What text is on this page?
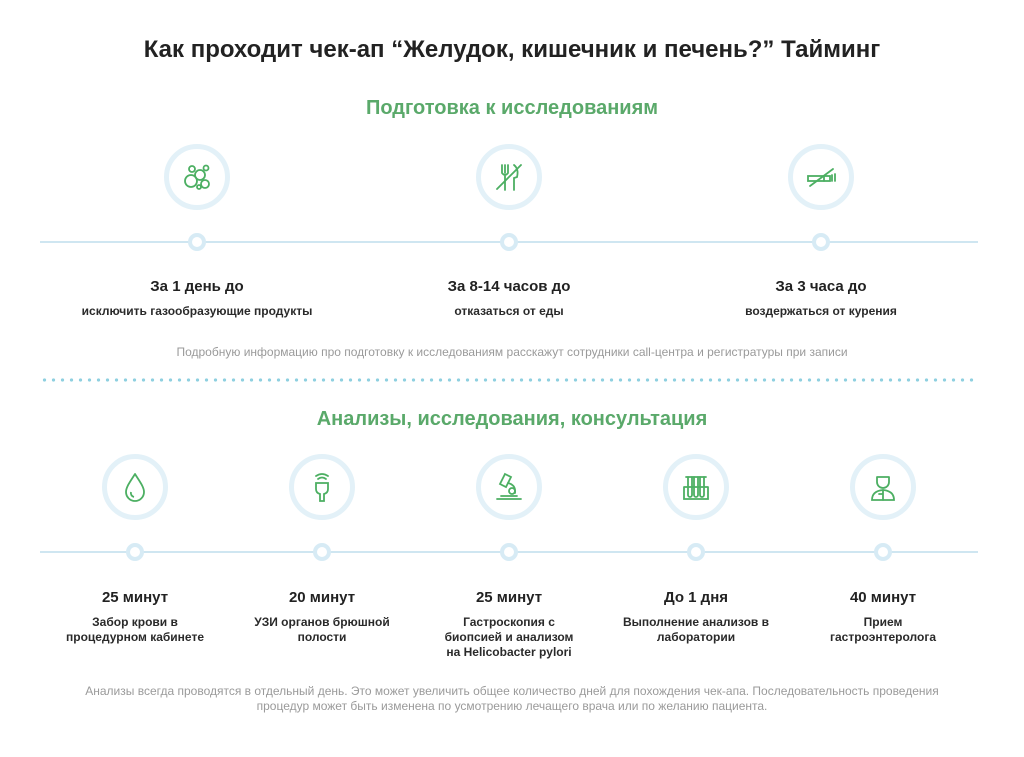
Как проходит чек-ап “Желудок, кишечник и печень?” Тайминг
Подготовка к исследованиям
За 1 день до
исключить газообразующие продукты
За 8-14 часов до
отказаться от еды
За 3 часа до
воздержаться от курения
Подробную информацию про подготовку к исследованиям расскажут сотрудники call-центра и регистратуры при записи
Анализы, исследования, консультация
25 минут
Забор крови в
процедурном кабинете
20 минут
УЗИ органов брюшной
полости
25 минут
Гастроскопия с
биопсией и анализом
на Helicobacter pylori
До 1 дня
Выполнение анализов в
лаборатории
40 минут
Прием
гастроэнтеролога
Анализы всегда проводятся в отдельный день. Это может увеличить общее количество дней для похождения чек-апа. Последовательность проведения
процедур может быть изменена по усмотрению лечащего врача или по желанию пациента.
